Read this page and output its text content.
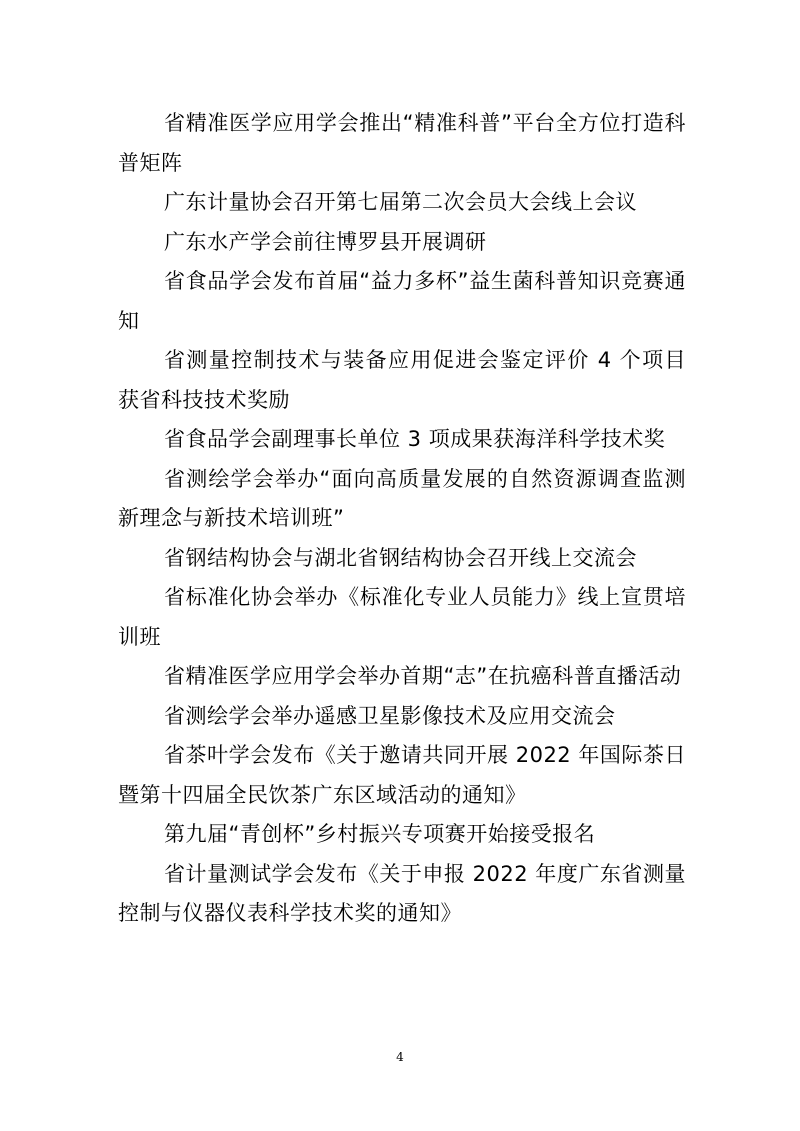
省精准医学应用学会推出“精准科普”平台全方位打造科普矩阵

广东计量协会召开第七届第二次会员大会线上会议

广东水产学会前往博罗县开展调研

省食品学会发布首届“益力多杯”益生菌科普知识竞赛通知

省测量控制技术与装备应用促进会鉴定评价 4 个项目获省科技技术奖励

省食品学会副理事长单位 3 项成果获海洋科学技术奖

省测绘学会举办“面向高质量发展的自然资源调查监测新理念与新技术培训班”

省钢结构协会与湖北省钢结构协会召开线上交流会

省标准化协会举办《标准化专业人员能力》线上宣贯培训班

省精准医学应用学会举办首期“志”在抗癌科普直播活动

省测绘学会举办遥感卫星影像技术及应用交流会

省茶叶学会发布《关于邀请共同开展 2022 年国际茶日暨第十四届全民饮茶广东区域活动的通知》

第九届“青创杯”乡村振兴专项赛开始接受报名

省计量测试学会发布《关于申报 2022 年度广东省测量控制与仪器仪表科学技术奖的通知》

4
